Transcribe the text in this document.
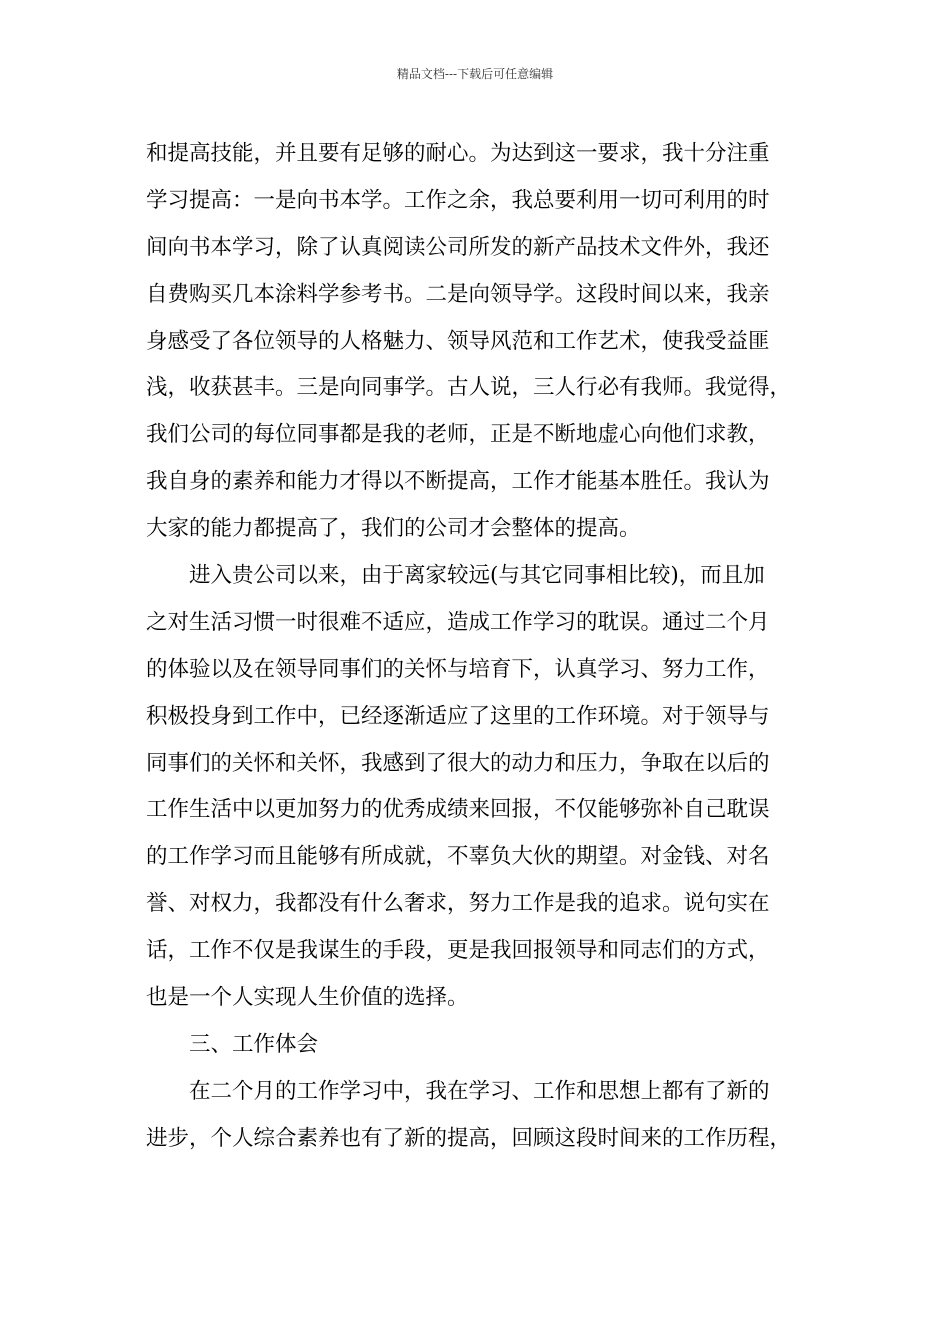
精品文档---下载后可任意编辑
和提高技能，并且要有足够的耐心。为达到这一要求，我十分注重
学习提高：一是向书本学。工作之余，我总要利用一切可利用的时
间向书本学习，除了认真阅读公司所发的新产品技术文件外，我还
自费购买几本涂料学参考书。二是向领导学。这段时间以来，我亲
身感受了各位领导的人格魅力、领导风范和工作艺术，使我受益匪
浅，收获甚丰。三是向同事学。古人说，三人行必有我师。我觉得，
我们公司的每位同事都是我的老师，正是不断地虚心向他们求教，
我自身的素养和能力才得以不断提高，工作才能基本胜任。我认为
大家的能力都提高了，我们的公司才会整体的提高。
进入贵公司以来，由于离家较远(与其它同事相比较)，而且加
之对生活习惯一时很难不适应，造成工作学习的耽误。通过二个月
的体验以及在领导同事们的关怀与培育下，认真学习、努力工作，
积极投身到工作中，已经逐渐适应了这里的工作环境。对于领导与
同事们的关怀和关怀，我感到了很大的动力和压力，争取在以后的
工作生活中以更加努力的优秀成绩来回报，不仅能够弥补自己耽误
的工作学习而且能够有所成就，不辜负大伙的期望。对金钱、对名
誉、对权力，我都没有什么奢求，努力工作是我的追求。说句实在
话，工作不仅是我谋生的手段，更是我回报领导和同志们的方式，
也是一个人实现人生价值的选择。
三、工作体会
在二个月的工作学习中，我在学习、工作和思想上都有了新的
进步，个人综合素养也有了新的提高，回顾这段时间来的工作历程，
